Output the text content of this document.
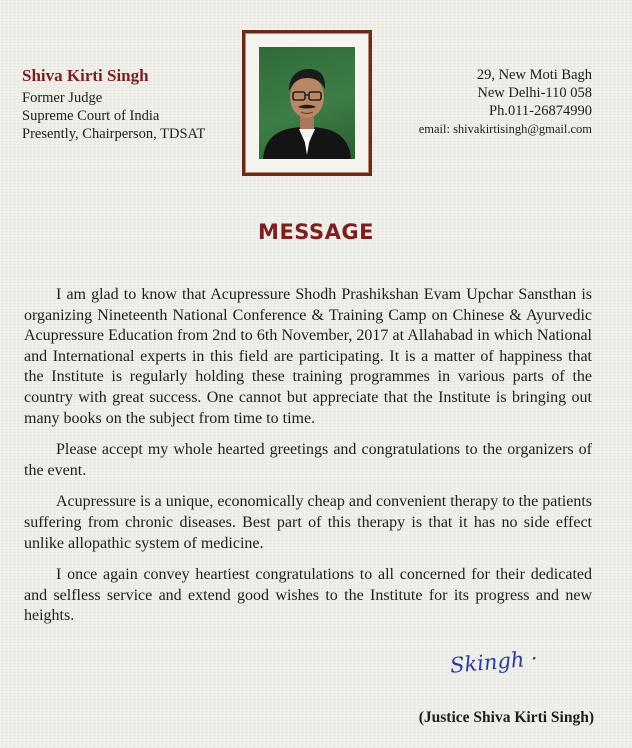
Shiva Kirti Singh
Former Judge
Supreme Court of India
Presently, Chairperson, TDSAT
29, New Moti Bagh
New Delhi-110 058
Ph.011-26874990
email: shivakirtisingh@gmail.com
MESSAGE

I am glad to know that Acupressure Shodh Prashikshan Evam Upchar Sansthan is organizing Nineteenth National Conference & Training Camp on Chinese & Ayurvedic Acupressure Education from 2nd to 6th November, 2017 at Allahabad in which National and International experts in this field are participating. It is a matter of happiness that the Institute is regularly holding these training programmes in various parts of the country with great success. One cannot but appreciate that the Institute is bringing out many books on the subject from time to time.

Please accept my whole hearted greetings and congratulations to the organizers of the event.

Acupressure is a unique, economically cheap and convenient therapy to the patients suffering from chronic diseases. Best part of this therapy is that it has no side effect unlike allopathic system of medicine.

I once again convey heartiest congratulations to all concerned for their dedicated and selfless service and extend good wishes to the Institute for its progress and new heights.

Skingh ·
(Justice Shiva Kirti Singh)
